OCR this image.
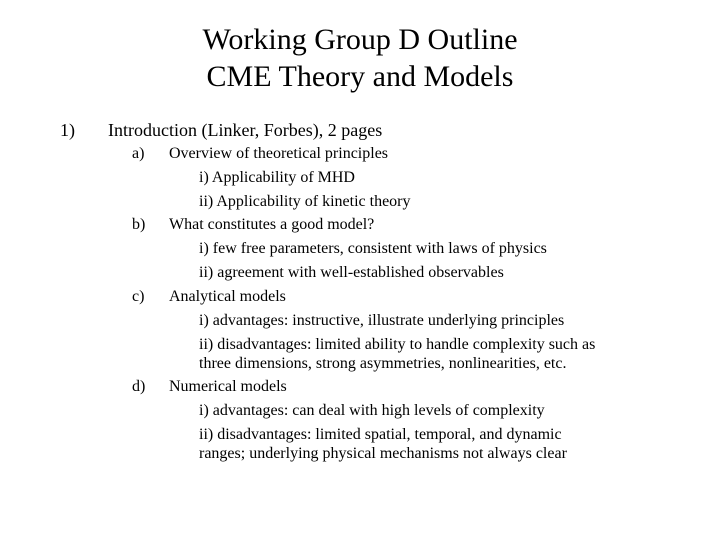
Working Group D Outline
CME Theory and Models
1) Introduction (Linker, Forbes), 2 pages
a) Overview of theoretical principles
i) Applicability of MHD
ii) Applicability of kinetic theory
b) What constitutes a good model?
i) few free parameters, consistent with laws of physics
ii) agreement with well-established observables
c) Analytical models
i) advantages: instructive, illustrate underlying principles
ii) disadvantages: limited ability to handle complexity such as
three dimensions, strong asymmetries, nonlinearities, etc.
d) Numerical models
i) advantages: can deal with high levels of complexity
ii) disadvantages: limited spatial, temporal, and dynamic
ranges; underlying physical mechanisms not always clear
